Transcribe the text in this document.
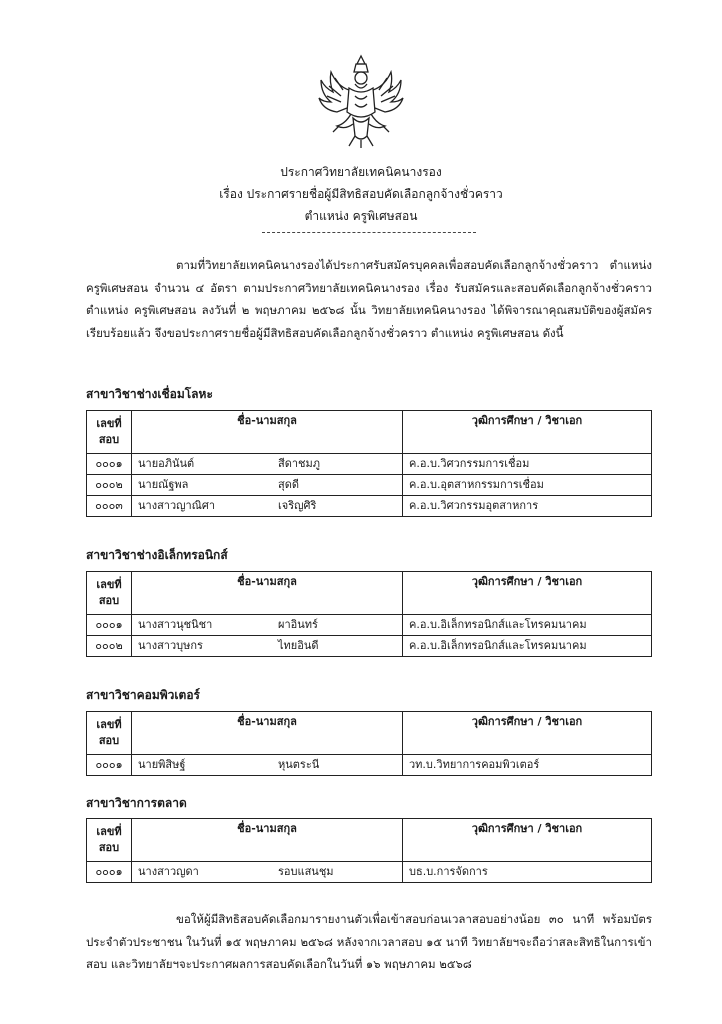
ประกาศวิทยาลัยเทคนิคนางรอง
เรื่อง ประกาศรายชื่อผู้มีสิทธิสอบคัดเลือกลูกจ้างชั่วคราว
ตำแหน่ง ครูพิเศษสอน
ตามที่วิทยาลัยเทคนิคนางรองได้ประกาศรับสมัครบุคคลเพื่อสอบคัดเลือกลูกจ้างชั่วคราว ตำแหน่ง ครูพิเศษสอน จำนวน ๔ อัตรา ตามประกาศวิทยาลัยเทคนิคนางรอง เรื่อง รับสมัครและสอบคัดเลือกลูกจ้างชั่วคราว ตำแหน่ง ครูพิเศษสอน ลงวันที่ ๒ พฤษภาคม ๒๕๖๘ นั้น วิทยาลัยเทคนิคนางรอง ได้พิจารณาคุณสมบัติของผู้สมัครเรียบร้อยแล้ว จึงขอประกาศรายชื่อผู้มีสิทธิสอบคัดเลือกลูกจ้างชั่วคราว ตำแหน่ง ครูพิเศษสอน ดังนี้
สาขาวิชาช่างเชื่อมโลหะ
เลขที่
สอบ	ชื่อ-นามสกุล	วุฒิการศึกษา / วิชาเอก
๐๐๐๑	นายอภินันต์ สีดาชมภู	ค.อ.บ.วิศวกรรมการเชื่อม
๐๐๐๒	นายณัฐพล สุดดี	ค.อ.บ.อุตสาหกรรมการเชื่อม
๐๐๐๓	นางสาวญาณิศา เจริญศิริ	ค.อ.บ.วิศวกรรมอุตสาหการ
สาขาวิชาช่างอิเล็กทรอนิกส์
เลขที่
สอบ	ชื่อ-นามสกุล	วุฒิการศึกษา / วิชาเอก
๐๐๐๑	นางสาวนุชนิชา ผาอินทร์	ค.อ.บ.อิเล็กทรอนิกส์และโทรคมนาคม
๐๐๐๒	นางสาวบุษกร ไทยอินดี	ค.อ.บ.อิเล็กทรอนิกส์และโทรคมนาคม
สาขาวิชาคอมพิวเตอร์
เลขที่
สอบ	ชื่อ-นามสกุล	วุฒิการศึกษา / วิชาเอก
๐๐๐๑	นายพิสิษฐ์ หุนตระนี	วท.บ.วิทยาการคอมพิวเตอร์
สาขาวิชาการตลาด
เลขที่
สอบ	ชื่อ-นามสกุล	วุฒิการศึกษา / วิชาเอก
๐๐๐๑	นางสาวญดา รอบแสนชุม	บธ.บ.การจัดการ
ขอให้ผู้มีสิทธิสอบคัดเลือกมารายงานตัวเพื่อเข้าสอบก่อนเวลาสอบอย่างน้อย ๓๐ นาที พร้อมบัตรประจำตัวประชาชน ในวันที่ ๑๕ พฤษภาคม ๒๕๖๘ หลังจากเวลาสอบ ๑๕ นาที วิทยาลัยฯจะถือว่าสละสิทธิในการเข้าสอบ และวิทยาลัยฯจะประกาศผลการสอบคัดเลือกในวันที่ ๑๖ พฤษภาคม ๒๕๖๘
